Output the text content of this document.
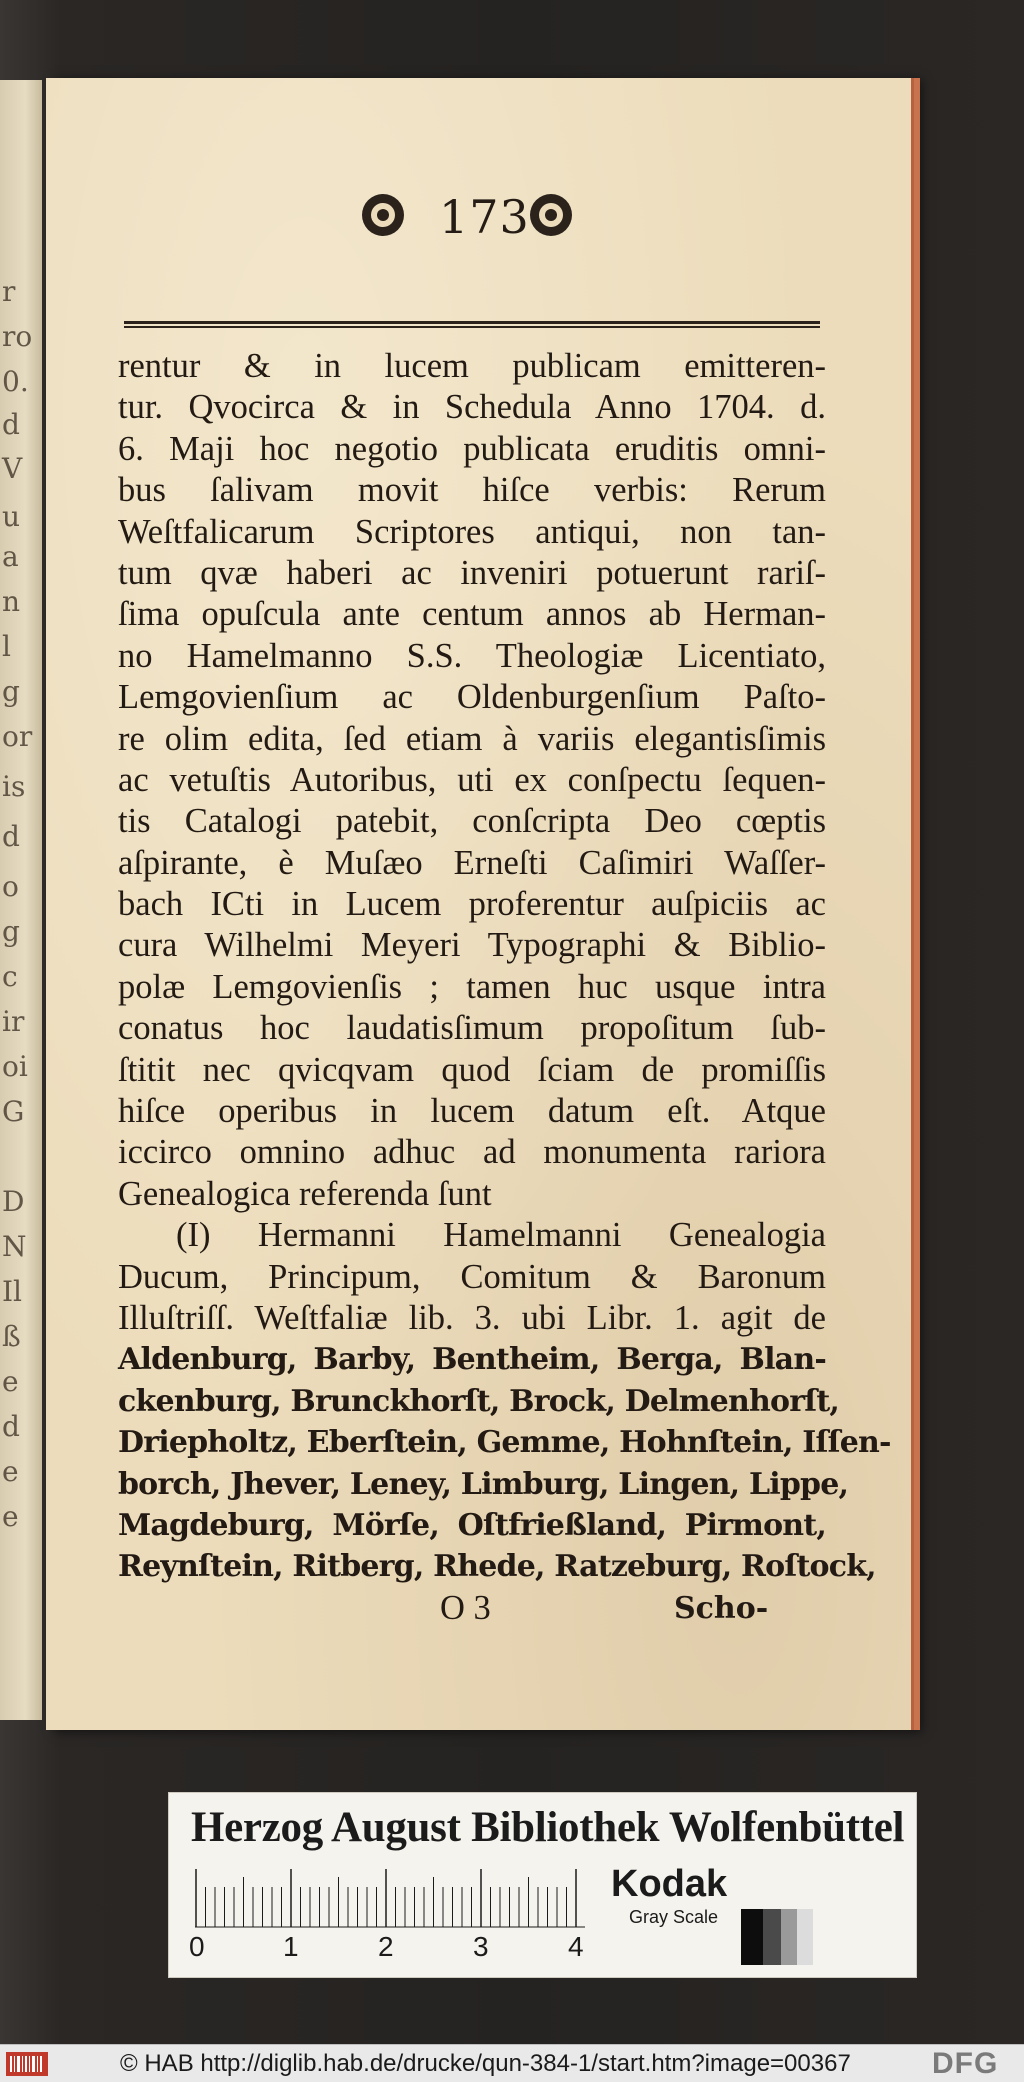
r
ro
0.
d
V
u
a
n
l
g
or
is
d
o
g
c
ir
oi
G
D
N
Il
ß
e
d
e
e
173
rentur & in lucem publicam emitteren-
tur. Qvocirca & in Schedula Anno 1704. d.
6. Maji hoc negotio publicata eruditis omni-
bus ſalivam movit hiſce verbis: Rerum
Weſtfalicarum Scriptores antiqui, non tan-
tum qvæ haberi ac inveniri potuerunt rariſ-
ſima opuſcula ante centum annos ab Herman-
no Hamelmanno S.S. Theologiæ Licentiato,
Lemgovienſium ac Oldenburgenſium Paſto-
re olim edita, ſed etiam à variis elegantisſimis
ac vetuſtis Autoribus, uti ex conſpectu ſequen-
tis Catalogi patebit, conſcripta Deo cœptis
aſpirante, è Muſæo Erneſti Caſimiri Waſſer-
bach ICti in Lucem proferentur auſpiciis ac
cura Wilhelmi Meyeri Typographi & Biblio-
polæ Lemgovienſis ; tamen huc usque intra
conatus hoc laudatisſimum propoſitum ſub-
ſtitit nec qvicqvam quod ſciam de promiſſis
hiſce operibus in lucem datum eſt. Atque
iccirco omnino adhuc ad monumenta rariora
Genealogica referenda ſunt
(I) Hermanni Hamelmanni Genealogia
Ducum, Principum, Comitum & Baronum
Illuſtriſſ. Weſtfaliæ lib. 3. ubi Libr. 1. agit de
Aldenburg, Barby, Bentheim, Berga, Blan-
ckenburg, Brunckhorſt, Brock, Delmenhorſt,
Driepholtz, Eberſtein, Gemme, Hohnſtein, Iſſen-
borch, Jhever, Leney, Limburg, Lingen, Lippe,
Magdeburg, Mörſe, Oſtfrießland, Pirmont,
Reynſtein, Ritberg, Rhede, Ratzeburg, Roſtock,
O 3	Scho-
Herzog August Bibliothek Wolfenbüttel
0	1	2	3	4
Kodak
Gray Scale
© HAB http://diglib.hab.de/drucke/qun-384-1/start.htm?image=00367	DFG
